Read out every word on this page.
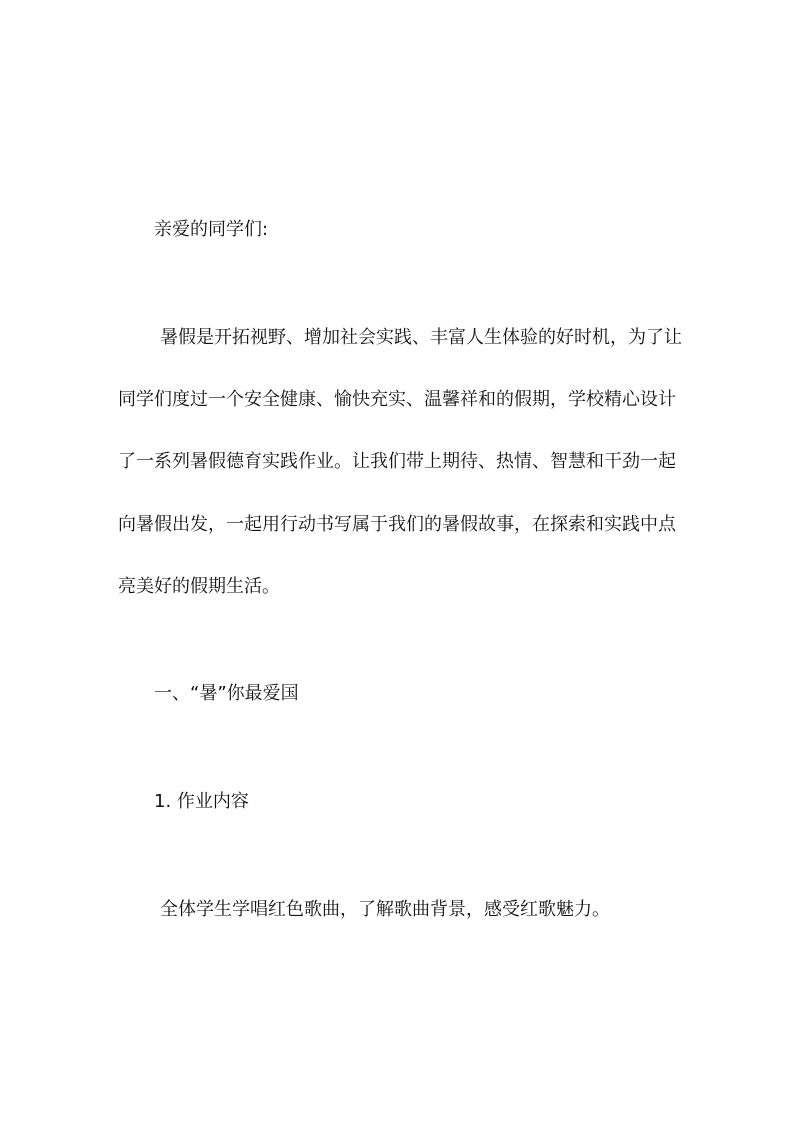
亲爱的同学们:
暑假是开拓视野、增加社会实践、丰富人生体验的好时机，为了让
同学们度过一个安全健康、愉快充实、温馨祥和的假期，学校精心设计
了一系列暑假德育实践作业。让我们带上期待、热情、智慧和干劲一起
向暑假出发，一起用行动书写属于我们的暑假故事，在探索和实践中点
亮美好的假期生活。
一、“暑”你最爱国
1. 作业内容
全体学生学唱红色歌曲，了解歌曲背景，感受红歌魅力。
